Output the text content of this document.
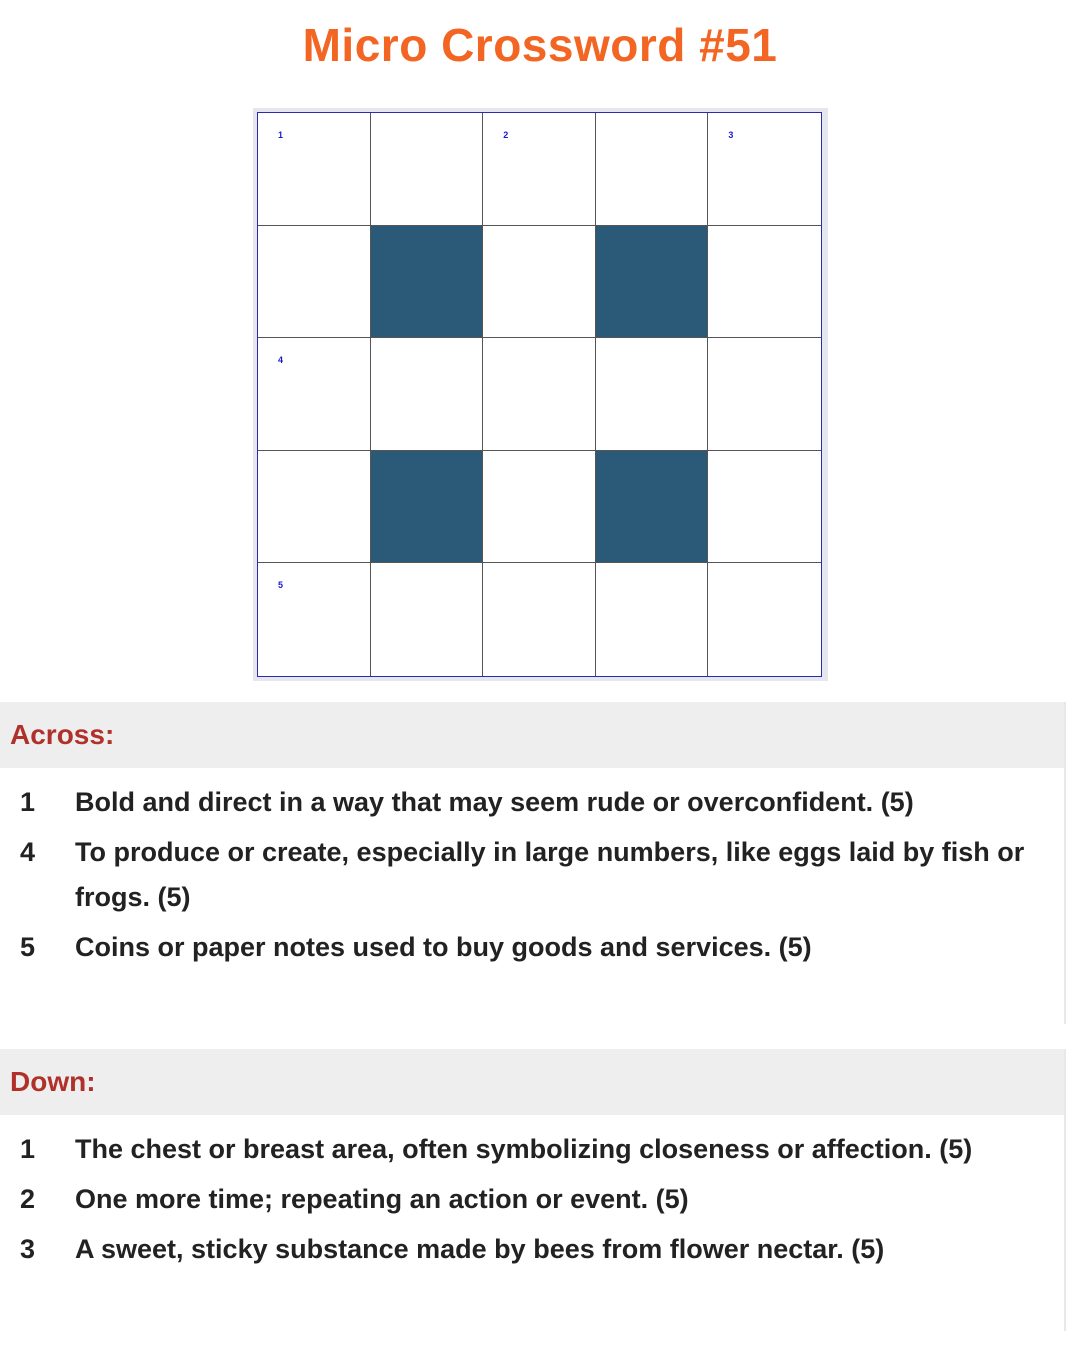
Micro Crossword #51
1	2	3
4
5
Across:
1	Bold and direct in a way that may seem rude or overconfident. (5)
4	To produce or create, especially in large numbers, like eggs laid by fish or frogs. (5)
5	Coins or paper notes used to buy goods and services. (5)
Down:
1	The chest or breast area, often symbolizing closeness or affection. (5)
2	One more time; repeating an action or event. (5)
3	A sweet, sticky substance made by bees from flower nectar. (5)
